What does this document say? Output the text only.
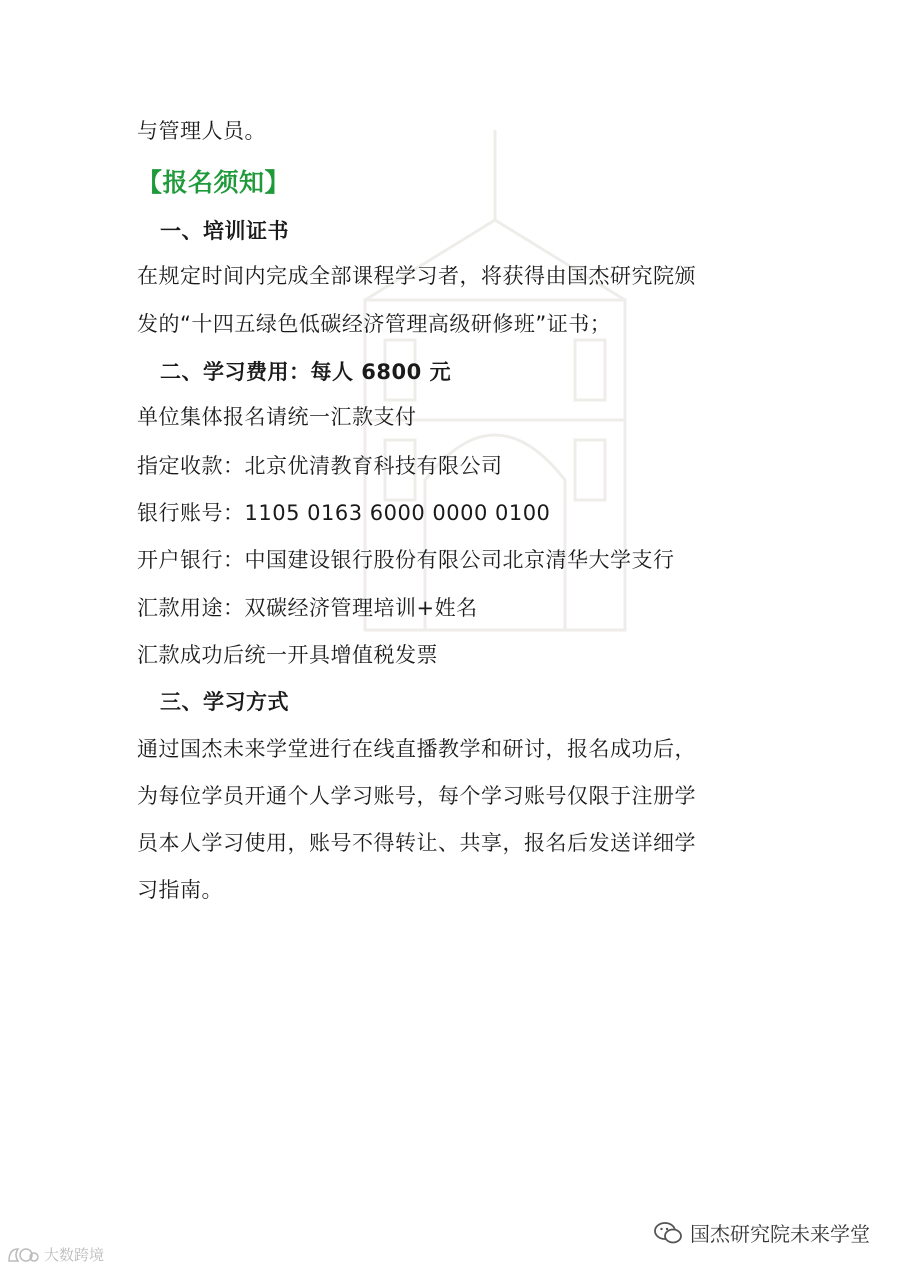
与管理人员。
【报名须知】
一、培训证书
在规定时间内完成全部课程学习者，将获得由国杰研究院颁
发的“十四五绿色低碳经济管理高级研修班”证书；
二、学习费用：每人 6800 元
单位集体报名请统一汇款支付
指定收款：北京优清教育科技有限公司
银行账号：1105 0163 6000 0000 0100
开户银行：中国建设银行股份有限公司北京清华大学支行
汇款用途：双碳经济管理培训+姓名
汇款成功后统一开具增值税发票
三、学习方式
通过国杰未来学堂进行在线直播教学和研讨，报名成功后，
为每位学员开通个人学习账号，每个学习账号仅限于注册学
员本人学习使用，账号不得转让、共享，报名后发送详细学
习指南。
国杰研究院未来学堂
大数跨境
